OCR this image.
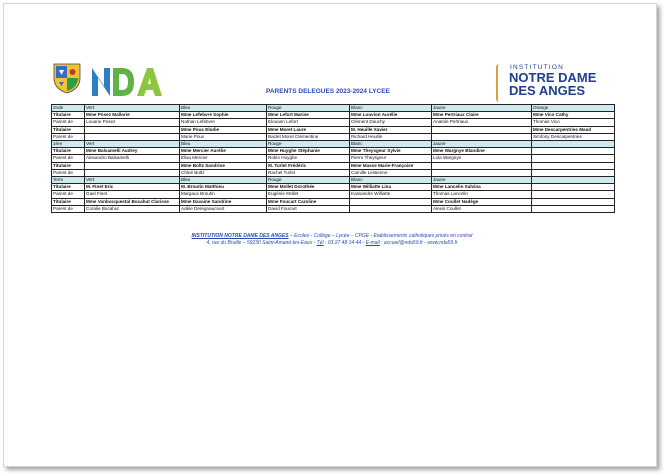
INSTITUTION
NOTRE DAME
DES ANGES
PARENTS DELEGUES 2023-2024 LYCEE
2nde	Vert	Bleu	Rouge	Blanc	Jaune	Orange
Titulaire	Mme Posez Mallorie	Mme Lefebvre Sophie	Mme Lefort Marine	Mme Louvion Aurélie	Mme Pertriaux Claire	Mme Vico Cathy
Parent de	Louane Posez	Nathan Lefebvre	Elouann Lefort	Clément Dauchy	Anatole Pertriaux	Thomas Vico
Titulaire		Mme Poux Elodie	Mme Moret Laure	M. Heuille Xavier		Mme Descarpentries Maud
Parent de		Marie Poux	Baclet Moret Clémentine	Richard Heuille		Simfony Descarpentries
1ère	Vert	Bleu	Rouge	Blanc	Jaune	
Titulaire	Mme Balsamelli Audrey	Mme Mercier Aurélie	Mme Huyghe Stéphanie	Mme Theysgeur Sylvie	Mme Wargnye Blandine	
Parent de	Alexandro Balsamelli	Elisa Mercier	Robin Huyghe	Pierre Theysgeur	Lola Wargnye	
Titulaire		Mme Boltz Sandrine	M. Turlet Frédéric	Mme Masse Marie-Françoise		
Parent de		Chloé Boltz	Rachel Turlet	Camille Lestienne		
Term	Vert	Bleu	Rouge	Blanc	Jaune	
Titulaire	M. Finet Eric	M. Broutin Matthieu	Mme Mollet Dorothée	Mme Williatte Lina	Mme Lancelin Salvina	
Parent de	Gael Finet	Margaux Broutin	Eugénie Mollet	Kassandre Williatte	Thomas Lancelin	
Titulaire	Mme Vanbocquestal Bocahut Clarisse	Mme Davaine Sandrine	Mme Foucart Caroline		Mme Coullet Nadège	
Parent de	Coralie Bocahut	Adèle Deregnaucourt	David Foucart		Alexis Coullet	
INSTITUTION NOTRE DAME DES ANGES – Ecoles - Collège – Lycée – CPGE - Etablissements catholiques privés en contrat
4, rue du Bruille – 59230 Saint-Amand-les-Eaux - Tél : 03 27 48 14 44 - E-mail : accueil@nda59.fr - www.nda59.fr
